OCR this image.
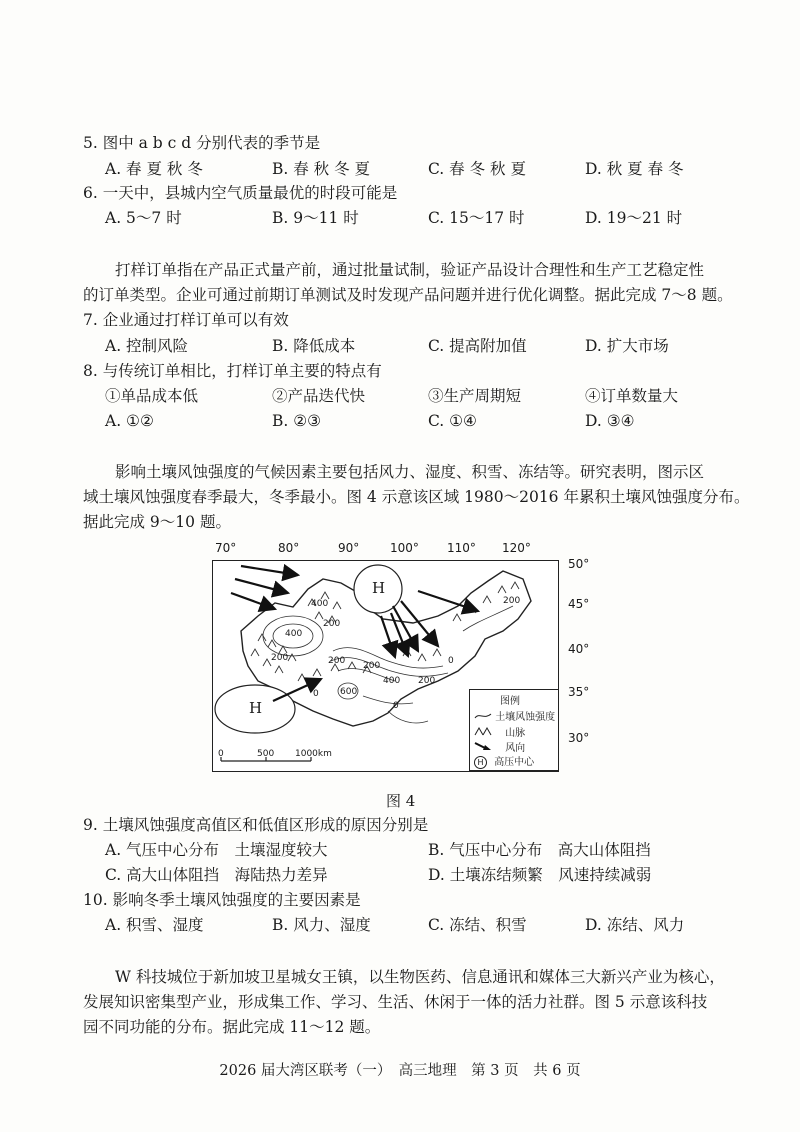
5. 图中 a b c d 分别代表的季节是
A. 春 夏 秋 冬	B. 春 秋 冬 夏	C. 春 冬 秋 夏	D. 秋 夏 春 冬
6. 一天中，县城内空气质量最优的时段可能是
A. 5～7 时	B. 9～11 时	C. 15～17 时	D. 19～21 时
打样订单指在产品正式量产前，通过批量试制，验证产品设计合理性和生产工艺稳定性
的订单类型。企业可通过前期订单测试及时发现产品问题并进行优化调整。据此完成 7～8 题。
7. 企业通过打样订单可以有效
A. 控制风险	B. 降低成本	C. 提高附加值	D. 扩大市场
8. 与传统订单相比，打样订单主要的特点有
①单品成本低	②产品迭代快	③生产周期短	④订单数量大
A. ①②	B. ②③	C. ①④	D. ③④
影响土壤风蚀强度的气候因素主要包括风力、湿度、积雪、冻结等。研究表明，图示区
域土壤风蚀强度春季最大，冬季最小。图 4 示意该区域 1980～2016 年累积土壤风蚀强度分布。
据此完成 9～10 题。
70°	80°	90°	100° 110° 120°
50°
45°
40°
35°
30°
H
H
400
200
200
400
0
200
600
200
400 200
0
0
200
0	500 1000km
图例
土壤风蚀强度
山脉
风向
H 高压中心
图 4
9. 土壤风蚀强度高值区和低值区形成的原因分别是
A. 气压中心分布　土壤湿度较大	B. 气压中心分布　高大山体阻挡
C. 高大山体阻挡　海陆热力差异	D. 土壤冻结频繁　风速持续减弱
10. 影响冬季土壤风蚀强度的主要因素是
A. 积雪、湿度	B. 风力、湿度	C. 冻结、积雪	D. 冻结、风力
W 科技城位于新加坡卫星城女王镇，以生物医药、信息通讯和媒体三大新兴产业为核心，
发展知识密集型产业，形成集工作、学习、生活、休闲于一体的活力社群。图 5 示意该科技
园不同功能的分布。据此完成 11～12 题。
2026 届大湾区联考（一）　高三地理　第 3 页　共 6 页
